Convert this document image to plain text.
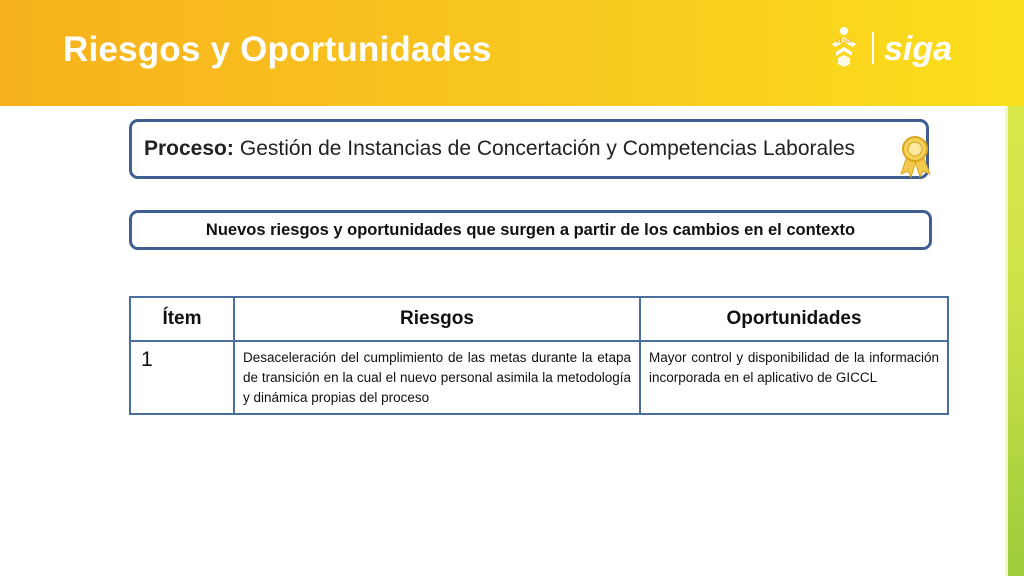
Riesgos y Oportunidades	SENA siga
Proceso: Gestión de Instancias de Concertación y Competencias Laborales
Nuevos riesgos y oportunidades que surgen a partir de los cambios en el contexto
Ítem	Riesgos	Oportunidades
1	Desaceleración del cumplimiento de las metas durante la etapa de transición en la cual el nuevo personal asimila la metodología y dinámica propias del proceso	Mayor control y disponibilidad de la información incorporada en el aplicativo de GICCL
